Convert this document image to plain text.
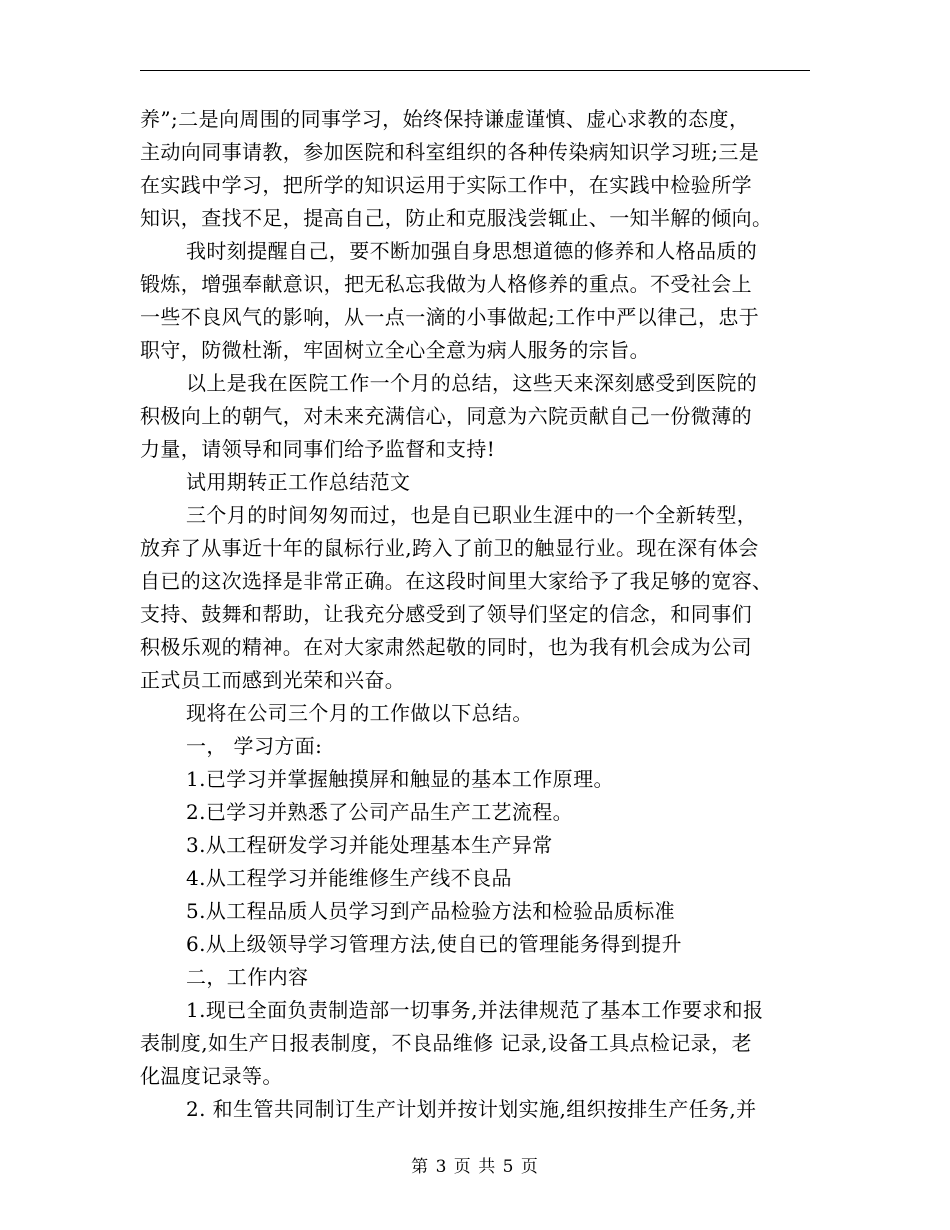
养”;二是向周围的同事学习，始终保持谦虚谨慎、虚心求教的态度，
主动向同事请教，参加医院和科室组织的各种传染病知识学习班;三是
在实践中学习，把所学的知识运用于实际工作中，在实践中检验所学
知识，查找不足，提高自己，防止和克服浅尝辄止、一知半解的倾向。
我时刻提醒自己，要不断加强自身思想道德的修养和人格品质的
锻炼，增强奉献意识，把无私忘我做为人格修养的重点。不受社会上
一些不良风气的影响，从一点一滴的小事做起;工作中严以律己，忠于
职守，防微杜渐，牢固树立全心全意为病人服务的宗旨。
以上是我在医院工作一个月的总结，这些天来深刻感受到医院的
积极向上的朝气，对未来充满信心，同意为六院贡献自己一份微薄的
力量，请领导和同事们给予监督和支持!
试用期转正工作总结范文
三个月的时间匆匆而过，也是自已职业生涯中的一个全新转型，
放弃了从事近十年的鼠标行业,跨入了前卫的触显行业。现在深有体会
自已的这次选择是非常正确。在这段时间里大家给予了我足够的宽容、
支持、鼓舞和帮助，让我充分感受到了领导们坚定的信念，和同事们
积极乐观的精神。在对大家肃然起敬的同时，也为我有机会成为公司
正式员工而感到光荣和兴奋。
现将在公司三个月的工作做以下总结。
一， 学习方面:
1.已学习并掌握触摸屏和触显的基本工作原理。
2.已学习并熟悉了公司产品生产工艺流程。
3.从工程研发学习并能处理基本生产异常
4.从工程学习并能维修生产线不良品
5.从工程品质人员学习到产品检验方法和检验品质标准
6.从上级领导学习管理方法,使自已的管理能务得到提升
二，工作内容
1.现已全面负责制造部一切事务,并法律规范了基本工作要求和报
表制度,如生产日报表制度，不良品维修 记录,设备工具点检记录，老
化温度记录等。
2. 和生管共同制订生产计划并按计划实施,组织按排生产任务,并
第 3 页 共 5 页
